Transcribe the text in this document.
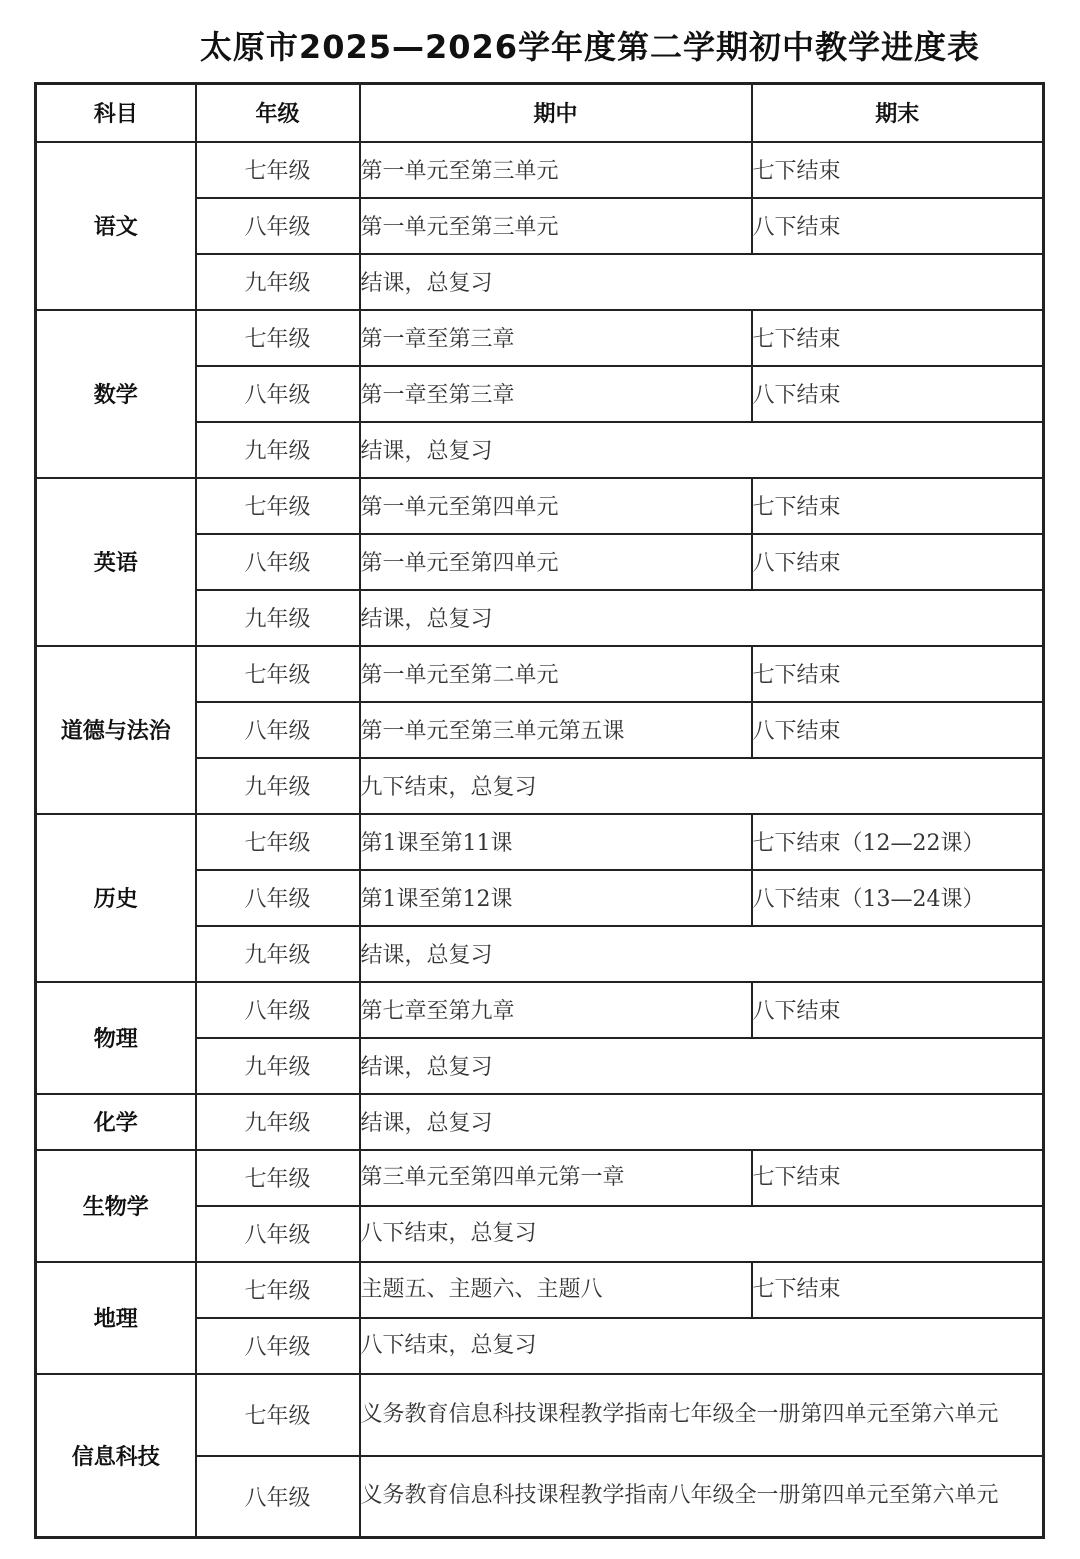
太原市2025—2026学年度第二学期初中教学进度表
科目	年级	期中	期末
语文	七年级	第一单元至第三单元	七下结束
	八年级	第一单元至第三单元	八下结束
	九年级	结课，总复习	
数学	七年级	第一章至第三章	七下结束
	八年级	第一章至第三章	八下结束
	九年级	结课，总复习	
英语	七年级	第一单元至第四单元	七下结束
	八年级	第一单元至第四单元	八下结束
	九年级	结课，总复习	
道德与法治	七年级	第一单元至第二单元	七下结束
	八年级	第一单元至第三单元第五课	八下结束
	九年级	九下结束，总复习	
历史	七年级	第1课至第11课	七下结束（12—22课）
	八年级	第1课至第12课	八下结束（13—24课）
	九年级	结课，总复习	
物理	八年级	第七章至第九章	八下结束
	九年级	结课，总复习	
化学	九年级	结课，总复习	
生物学	七年级	第三单元至第四单元第一章	七下结束
	八年级	八下结束，总复习	
地理	七年级	主题五、主题六、主题八	七下结束
	八年级	八下结束，总复习	
信息科技	七年级	义务教育信息科技课程教学指南七年级全一册第四单元至第六单元	
	八年级	义务教育信息科技课程教学指南八年级全一册第四单元至第六单元	
